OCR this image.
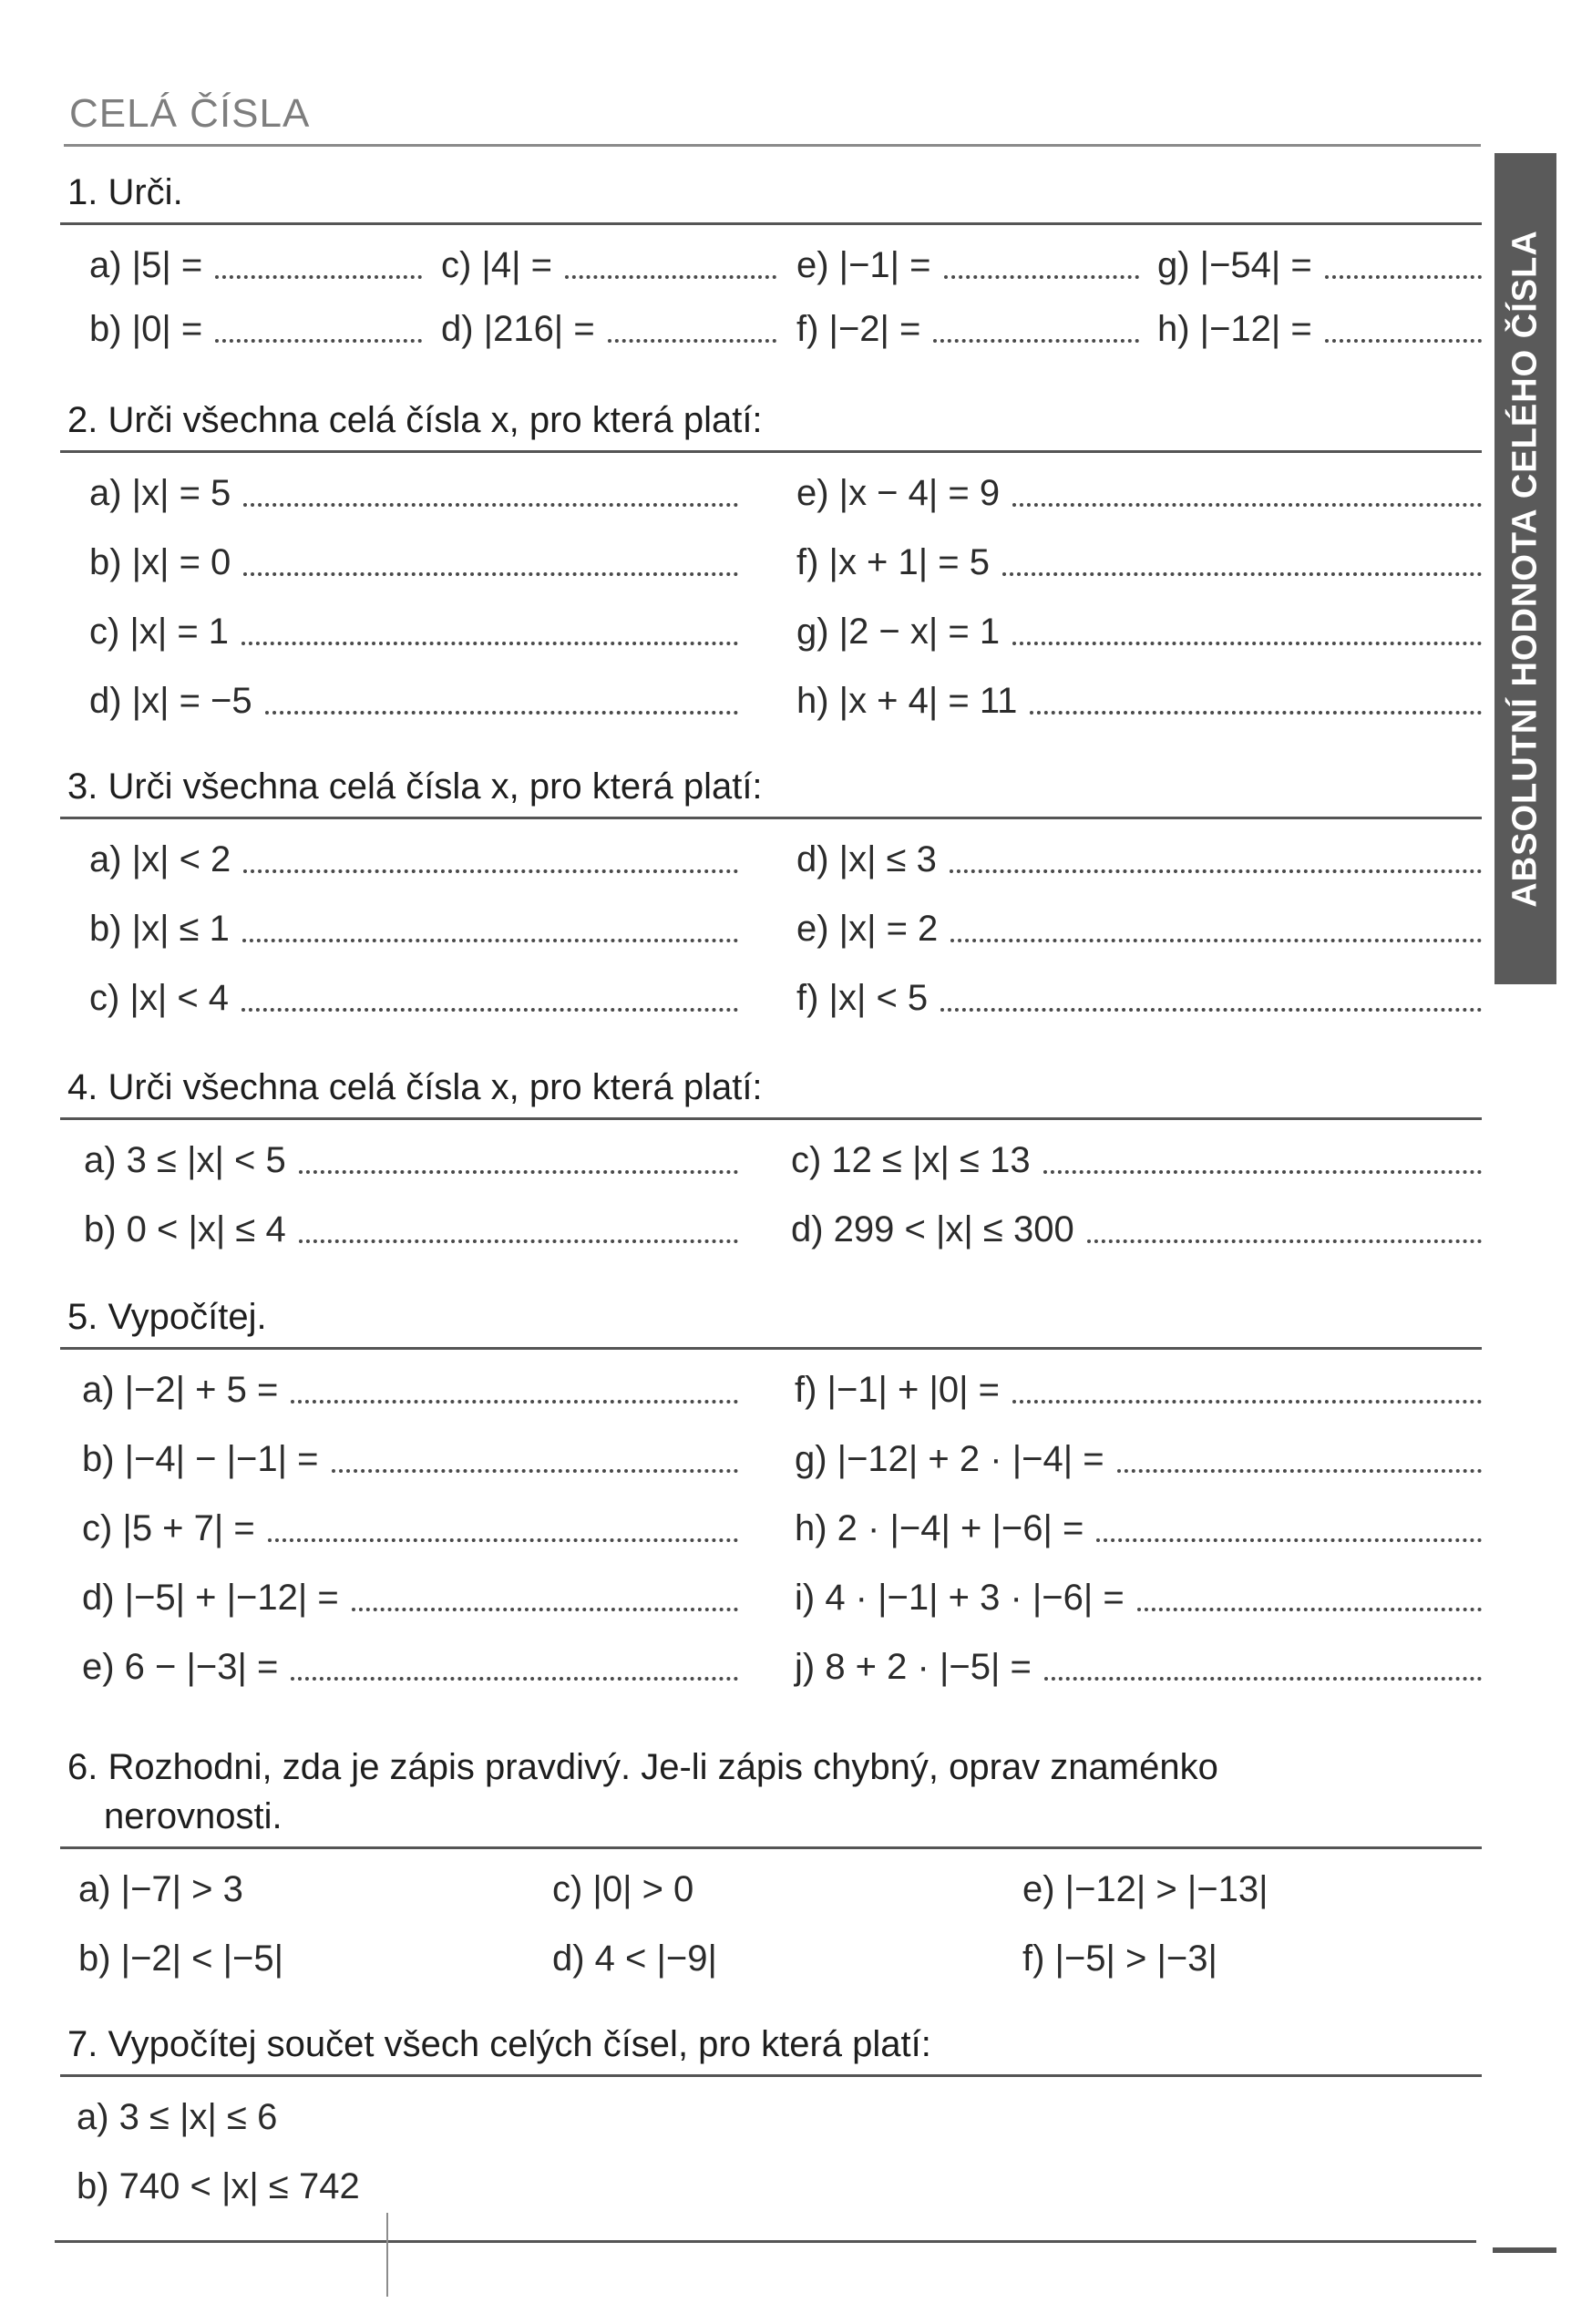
CELÁ ČÍSLA
ABSOLUTNÍ HODNOTA CELÉHO ČÍSLA
1. Urči.
a) |5| =	c) |4| =	e) |−1| =	g) |−54| =
b) |0| =	d) |216| =	f) |−2| =	h) |−12| =
2. Urči všechna celá čísla x, pro která platí:
a) |x| = 5	e) |x − 4| = 9
b) |x| = 0	f) |x + 1| = 5
c) |x| = 1	g) |2 − x| = 1
d) |x| = −5	h) |x + 4| = 11
3. Urči všechna celá čísla x, pro která platí:
a) |x| < 2	d) |x| ≤ 3
b) |x| ≤ 1	e) |x| = 2
c) |x| < 4	f) |x| < 5
4. Urči všechna celá čísla x, pro která platí:
a) 3 ≤ |x| < 5	c) 12 ≤ |x| ≤ 13
b) 0 < |x| ≤ 4	d) 299 < |x| ≤ 300
5. Vypočítej.
a) |−2| + 5 =	f) |−1| + |0| =
b) |−4| − |−1| =	g) |−12| + 2 · |−4| =
c) |5 + 7| =	h) 2 · |−4| + |−6| =
d) |−5| + |−12| =	i) 4 · |−1| + 3 · |−6| =
e) 6 − |−3| =	j) 8 + 2 · |−5| =
6. Rozhodni, zda je zápis pravdivý. Je-li zápis chybný, oprav znaménko
nerovnosti.
a) |−7| > 3	c) |0| > 0	e) |−12| > |−13|
b) |−2| < |−5|	d) 4 < |−9|	f) |−5| > |−3|
7. Vypočítej součet všech celých čísel, pro která platí:
a) 3 ≤ |x| ≤ 6
b) 740 < |x| ≤ 742
